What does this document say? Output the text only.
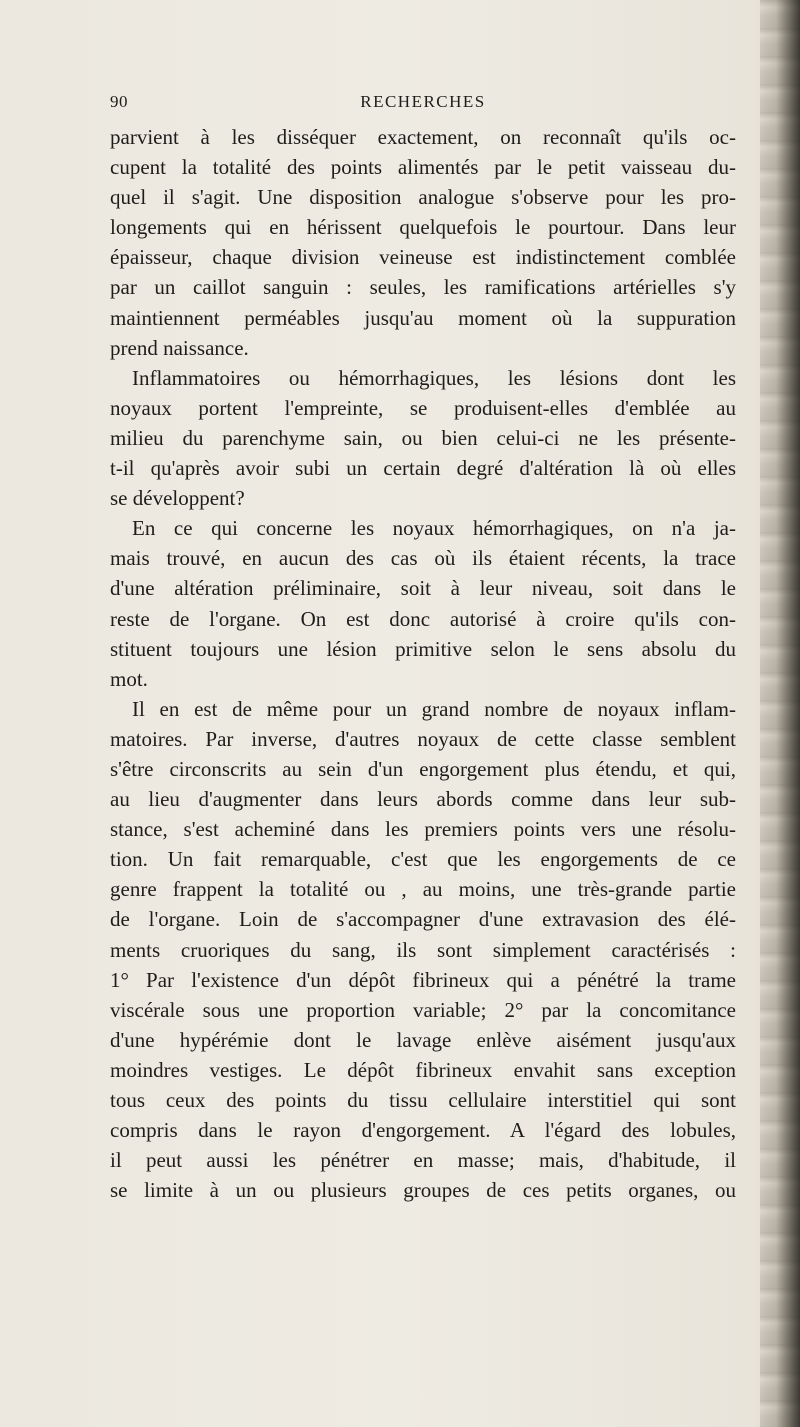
90	RECHERCHES
parvient à les disséquer exactement, on reconnaît qu'ils oc-
cupent la totalité des points alimentés par le petit vaisseau du-
quel il s'agit. Une disposition analogue s'observe pour les pro-
longements qui en hérissent quelquefois le pourtour. Dans leur
épaisseur, chaque division veineuse est indistinctement comblée
par un caillot sanguin : seules, les ramifications artérielles s'y
maintiennent perméables jusqu'au moment où la suppuration
prend naissance.
Inflammatoires ou hémorrhagiques, les lésions dont les
noyaux portent l'empreinte, se produisent-elles d'emblée au
milieu du parenchyme sain, ou bien celui-ci ne les présente-
t-il qu'après avoir subi un certain degré d'altération là où elles
se développent?
En ce qui concerne les noyaux hémorrhagiques, on n'a ja-
mais trouvé, en aucun des cas où ils étaient récents, la trace
d'une altération préliminaire, soit à leur niveau, soit dans le
reste de l'organe. On est donc autorisé à croire qu'ils con-
stituent toujours une lésion primitive selon le sens absolu du
mot.
Il en est de même pour un grand nombre de noyaux inflam-
matoires. Par inverse, d'autres noyaux de cette classe semblent
s'être circonscrits au sein d'un engorgement plus étendu, et qui,
au lieu d'augmenter dans leurs abords comme dans leur sub-
stance, s'est acheminé dans les premiers points vers une résolu-
tion. Un fait remarquable, c'est que les engorgements de ce
genre frappent la totalité ou , au moins, une très-grande partie
de l'organe. Loin de s'accompagner d'une extravasion des élé-
ments cruoriques du sang, ils sont simplement caractérisés :
1° Par l'existence d'un dépôt fibrineux qui a pénétré la trame
viscérale sous une proportion variable; 2° par la concomitance
d'une hypérémie dont le lavage enlève aisément jusqu'aux
moindres vestiges. Le dépôt fibrineux envahit sans exception
tous ceux des points du tissu cellulaire interstitiel qui sont
compris dans le rayon d'engorgement. A l'égard des lobules,
il peut aussi les pénétrer en masse; mais, d'habitude, il
se limite à un ou plusieurs groupes de ces petits organes, ou
